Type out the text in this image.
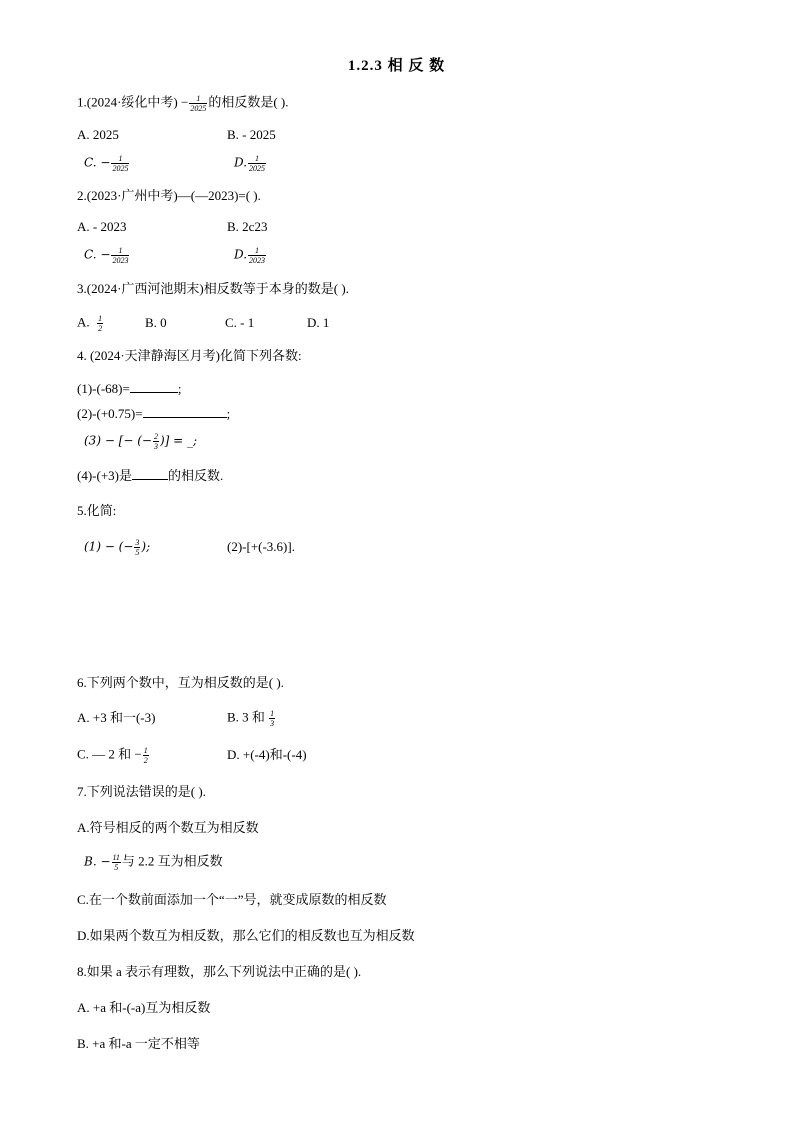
1.2.3 相 反 数
1.(2024·绥化中考) − $\frac{1}{2025}$ 的相反数是( ).
A. 2025	B. - 2025
C. − $\frac{1}{2025}$	D. $\frac{1}{2025}$
2.(2023·广州中考)—(—2023)=( ).
A. - 2023	B. 2c23
C. − $\frac{1}{2023}$	D. $\frac{1}{2023}$
3.(2024·广西河池期末)相反数等于本身的数是( ).
A. $\frac{1}{2}$	B. 0	C. - 1	D. 1
4. (2024·天津静海区月考)化简下列各数:
(1)-(-68)=	;
(2)-(+0.75)=	;
(3) − [− (− $\frac{2}{3}$ )] = _;
(4)-(+3)是	的相反数.
5.化简:
(1) − (− $\frac{3}{5}$ );	(2)-[+(-3.6)].
6.下列两个数中，互为相反数的是( ).
A. +3 和一(-3)	B. 3 和 $\frac{1}{3}$
C. — 2 和 − $\frac{1}{2}$	D. +(-4)和-(-4)
7.下列说法错误的是( ).
A.符号相反的两个数互为相反数
B. − $\frac{11}{5}$ 与 2.2 互为相反数
C.在一个数前面添加一个“一”号，就变成原数的相反数
D.如果两个数互为相反数，那么它们的相反数也互为相反数
8.如果 a 表示有理数，那么下列说法中正确的是( ).
A. +a 和-(-a)互为相反数
B. +a 和-a 一定不相等
